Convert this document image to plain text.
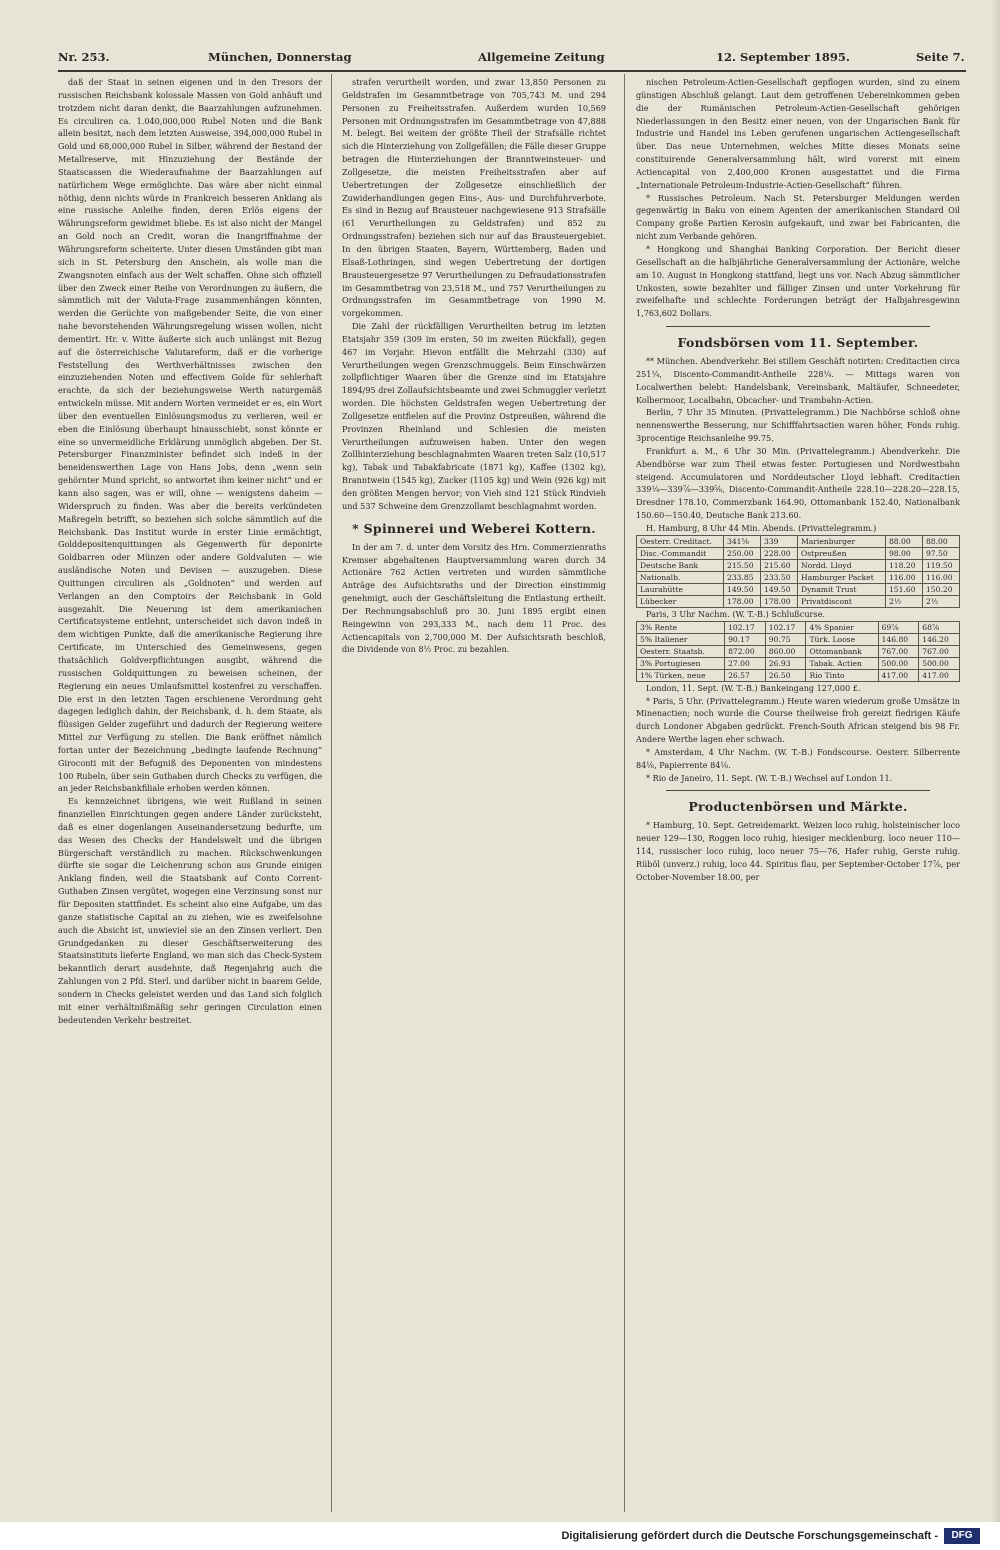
Nr. 253.	München, Donnerstag	Allgemeine Zeitung	12. September 1895.	Seite 7.

daß der Staat in seinen eigenen und in den Tresors der russischen Reichsbank kolossale Massen von Gold anhäuft und trotzdem nicht daran denkt, die Baarzahlungen aufzunehmen. Es circuliren ca. 1.040,000,000 Rubel Noten und die Bank allein besitzt, nach dem letzten Ausweise, 394,000,000 Rubel in Gold und 68,000,000 Rubel in Silber, während der Bestand der Metallreserve, mit Hinzuziehung der Bestände der Staatscassen die Wiederaufnahme der Baarzahlungen auf natürlichem Wege ermöglichte. Das wäre aber nicht einmal nöthig, denn nichts würde in Frankreich besseren Anklang als eine russische Anleihe finden, deren Erlös eigens der Währungsreform gewidmet bliebe. Es ist also nicht der Mangel an Gold noch an Credit, woran die Inangriffnahme der Währungsreform scheiterte. Unter diesen Umständen gibt man sich in St. Petersburg den Anschein, als wolle man die Zwangsnoten einfach aus der Welt schaffen. Ohne sich offiziell über den Zweck einer Reihe von Verordnungen zu äußern, die sämmtlich mit der Valuta-Frage zusammenhängen könnten, werden die Gerüchte von maßgebender Seite, die von einer nahe bevorstehenden Währungsregelung wissen wollen, nicht dementirt. Hr. v. Witte äußerte sich auch unlängst mit Bezug auf die österreichische Valutareform, daß er die vorherige Feststellung des Werthverhältnisses zwischen den einzuziehenden Noten und effectivem Golde für sehlerhaft erachte, da sich der beziehungsweise Werth naturgemäß entwickeln müsse. Mit andern Worten vermeidet er es, ein Wort über den eventuellen Einlösungsmodus zu verlieren, weil er eben die Einlösung überhaupt hinausschiebt, sonst könnte er eine so unvermeidliche Erklärung unmöglich abgeben. Der St. Petersburger Finanzminister befindet sich indeß in der beneidenswerthen Lage von Hans Jobs, denn „wenn sein gehörnter Mund spricht, so antwortet ihm keiner nicht“ und er kann also sagen, was er will, ohne — wenigstens daheim — Widerspruch zu finden. Was aber die bereits verkündeten Maßregeln betrifft, so beziehen sich solche sämmtlich auf die Reichsbank. Das Institut wurde in erster Linie ermächtigt, Golddepositenquittungen als Gegenwerth für deponirte Goldbarren oder Münzen oder andere Goldvaluten — wie ausländische Noten und Devisen — auszugeben. Diese Quittungen circuliren als „Goldnoten“ und werden auf Verlangen an den Comptoirs der Reichsbank in Gold ausgezahlt. Die Neuerung ist dem amerikanischen Certificatsysteme entlehnt, unterscheidet sich davon indeß in dem wichtigen Punkte, daß die amerikanische Regierung ihre Certificate, im Unterschied des Gemeinwesens, gegen thatsächlich Goldverpflichtungen ausgibt, während die russischen Goldquittungen zu beweisen scheinen, der Regierung ein neues Umlaufsmittel kostenfrei zu verschaffen. Die erst in den letzten Tagen erschienene Verordnung geht dagegen lediglich dahin, der Reichsbank, d. h. dem Staate, als flüssigen Gelder zugeführt und dadurch der Regierung weitere Mittel zur Verfügung zu stellen. Die Bank eröffnet nämlich fortan unter der Bezeichnung „bedingte laufende Rechnung“ Giroconti mit der Befugniß des Deponenten von mindestens 100 Rubeln, über sein Guthaben durch Checks zu verfügen, die an jeder Reichsbankfiliale erhoben werden können.

Es kennzeichnet übrigens, wie weit Rußland in seinen finanziellen Einrichtungen gegen andere Länder zurücksteht, daß es einer dogenlangen Auseinandersetzung bedurfte, um das Wesen des Checks der Handelswelt und die übrigen Bürgerschaft verständlich zu machen. Rückschwenkungen dürfte sie sogar die Leichenrung schon aus Grunde einigen Anklang finden, weil die Staatsbank auf Conto Corrent-Guthaben Zinsen vergütet, wogegen eine Verzinsung sonst nur für Depositen stattfindet. Es scheint also eine Aufgabe, um das ganze statistische Capital an zu ziehen, wie es zweifelsohne auch die Absicht ist, unwieviel sie an den Zinsen verliert. Den Grundgedanken zu dieser Geschäftserweiterung des Staatsinstituts lieferte England, wo man sich das Check-System bekanntlich derart ausdehnte, daß Regenjahrig auch die Zahlungen von 2 Pfd. Sterl. und darüber nicht in baarem Gelde, sondern in Checks geleistet werden und das Land sich folglich mit einer verhältnißmäßig sehr geringen Circulation einen bedeutenden Verkehr bestreitet.

strafen verurtheilt worden, und zwar 13,850 Personen zu Geldstrafen im Gesammtbetrage von 705,743 M. und 294 Personen zu Freiheitsstrafen. Außerdem wurden 10,569 Personen mit Ordnungsstrafen im Gesammtbetrage von 47,888 M. belegt. Bei weitem der größte Theil der Strafsälle richtet sich die Hinterziehung von Zollgefällen; die Fälle dieser Gruppe betragen die Hinterziehungen der Branntweinsteuer- und Zollgesetze, die meisten Freiheitsstrafen aber auf Uebertretungen der Zollgesetze einschließlich der Zuwiderhandlungen gegen Eins-, Aus- und Durchfuhrverbote. Es sind in Bezug auf Brausteuer nachgewiesene 913 Strafsälle (61 Verurtheilungen zu Geldstrafen) und 852 zu Ordnungsstrafen) beziehen sich nur auf das Brausteuergebiet. In den übrigen Staaten, Bayern, Württemberg, Baden und Elsaß-Lothringen, sind wegen Uebertretung der dortigen Brausteuergesetze 97 Verurtheilungen zu Defraudationsstrafen im Gesammtbetrag von 23,518 M., und 757 Verurtheilungen zu Ordnungsstrafen im Gesammtbetrage von 1990 M. vorgekommen.

Die Zahl der rückfälligen Verurtheilten betrug im letzten Etatsjahr 359 (309 im ersten, 50 im zweiten Rückfall), gegen 467 im Vorjahr. Hievon entfällt die Mehrzahl (330) auf Verurtheilungen wegen Grenzschmuggels. Beim Einschwärzen zollpflichtiger Waaren über die Grenze sind im Etatsjahre 1894/95 drei Zollaufsichtsbeamte und zwei Schmuggler verletzt worden. Die höchsten Geldstrafen wegen Uebertretung der Zollgesetze entfielen auf die Provinz Ostpreußen, während die Provinzen Rheinland und Schlesien die meisten Verurtheilungen aufzuweisen haben. Unter den wegen Zollhinterziehung beschlagnahmten Waaren treten Salz (10,517 kg), Tabak und Tabakfabricate (1871 kg), Kaffee (1302 kg), Branntwein (1545 kg), Zucker (1105 kg) und Wein (926 kg) mit den größten Mengen hervor; von Vieh sind 121 Stück Rindvieh und 537 Schweine dem Grenzzollamt beschlagnahmt worden.

* Spinnerei und Weberei Kottern.

In der am 7. d. unter dem Vorsitz des Hrn. Commerzienraths Kremser abgehaltenen Hauptversammlung waren durch 34 Actionäre 762 Actien vertreten und wurden sämmtliche Anträge des Aufsichtsraths und der Direction einstimmig genehmigt, auch der Geschäftsleitung die Entlastung ertheilt. Der Rechnungsabschluß pro 30. Juni 1895 ergibt einen Reingewinn von 293,333 M., nach dem 11 Proc. des Actiencapitals von 2,700,000 M. Der Aufsichtsrath beschloß, die Dividende von 8½ Proc. zu bezahlen.

nischen Petroleum-Actien-Gesellschaft gepflogen wurden, sind zu einem günstigen Abschluß gelangt. Laut dem getroffenen Uebereinkommen geben die der Rumänischen Petroleum-Actien-Gesellschaft gehörigen Niederlassungen in den Besitz einer neuen, von der Ungarischen Bank für Industrie und Handel ins Leben gerufenen ungarischen Actiengesellschaft über. Das neue Unternehmen, welches Mitte dieses Monats seine constituirende Generalversammlung hält, wird vorerst mit einem Actiencapital von 2,400,000 Kronen ausgestattet und die Firma „Internationale Petroleum-Industrie-Actien-Gesellschaft“ führen.

* Russisches Petroleum. Nach St. Petersburger Meldungen werden gegenwärtig in Baku von einem Agenten der amerikanischen Standard Oil Company große Partien Kerosin aufgekauft, und zwar bei Fabricanten, die nicht zum Verbande gehören.

* Hongkong und Shanghai Banking Corporation. Der Bericht dieser Gesellschaft an die halbjährliche Generalversammlung der Actionäre, welche am 10. August in Hongkong stattfand, liegt uns vor. Nach Abzug sämmtlicher Unkosten, sowie bezahlter und fälliger Zinsen und unter Vorkehrung für zweifelhafte und schlechte Forderungen beträgt der Halbjahresgewinn 1,763,602 Dollars.

Fondsbörsen vom 11. September.

** München. Abendverkehr. Bei stillem Geschäft notirten: Creditactien circa 251¼, Discento-Commandit-Antheile 228¼. — Mittags waren von Localwerthen belebt: Handelsbank, Vereinsbank, Maltäufer, Schneedeter, Kolbermoor, Localbahn, Obcacher- und Trambahn-Actien.

Berlin, 7 Uhr 35 Minuten. (Privattelegramm.) Die Nachbörse schloß ohne nennenswerthe Besserung, nur Schifffahrtsactien waren höher, Fonds ruhig. 3procentige Reichsanleihe 99.75.

Frankfurt a. M., 6 Uhr 30 Min. (Privattelegramm.) Abendverkehr. Die Abendbörse war zum Theil etwas fester. Portugiesen und Nordwestbahn steigend. Accumulatoren und Norddeutscher Lloyd lebhaft. Creditactien 339¼—339⅞—339⅝, Discento-Commandit-Antheile 228.10—228.20—228.15, Dresdner 178.10, Commerzbank 164.90, Ottomanbank 152.40, Nationalbank 150.60—150.40, Deutsche Bank 213.60.

H. Hamburg, 8 Uhr 44 Min. Abends. (Privattelegramm.)

Oesterr. Creditact.	341⅝	339	Marienburger	88.00	88.00
Disc.-Commandit	250.00	228.00	Ostpreußen	98.00	97.50
Deutsche Bank	215.50	215.60	Nordd. Lloyd	118.20	119.50
Nationalb.	233.85	233.50	Hamburger Packet	116.00	116.00
Laurahütte	149.50	149.50	Dynamit Trust	151.60	150.20
Lübecker	178.00	178.00	Privatdiscont	2½	2½

Paris, 3 Uhr Nachm. (W. T.-B.) Schlußcurse.

3% Rente	102.17	102.17	4% Spanier	69⅞	68⅞
5% Italiener	90.17	90.75	Türk. Loose	146.80	146.20
Oesterr. Staatsb.	872.00	860.00	Ottomanbank	767.00	767.00
3% Portugiesen	27.00	26.93	Tabak. Actien	500.00	500.00
1% Türken, neue	26.57	26.50	Rio Tinto	417.00	417.00

London, 11. Sept. (W. T.-B.) Bankeingang 127,000 £.

* Paris, 5 Uhr. (Privattelegramm.) Heute waren wiederum große Umsätze in Minenactien; noch wurde die Course theilweise froh gereizt fiedrigen Käufe durch Londoner Abgaben gedrückt. French-South African steigend bis 98 Fr. Andere Werthe lagen eher schwach.

* Amsterdam, 4 Uhr Nachm. (W. T.-B.) Fondscourse. Oesterr. Silberrente 84⅛, Papierrente 84⅛.

* Rio de Janeiro, 11. Sept. (W. T.-B.) Wechsel auf London 11.

Productenbörsen und Märkte.

* Hamburg, 10. Sept. Getreidemarkt. Weizen loco ruhig, holsteinischer loco neuer 129—130, Roggen loco ruhig, hiesiger mecklenburg. loco neuer 110—114, russischer loco ruhig, loco neuer 75—76, Hafer ruhig, Gerste ruhig. Rüböl (unverz.) ruhig, loco 44. Spiritus flau, per September-October 17⅞, per October-November 18.00, per

Digitalisierung gefördert durch die Deutsche Forschungsgemeinschaft -	DFG
